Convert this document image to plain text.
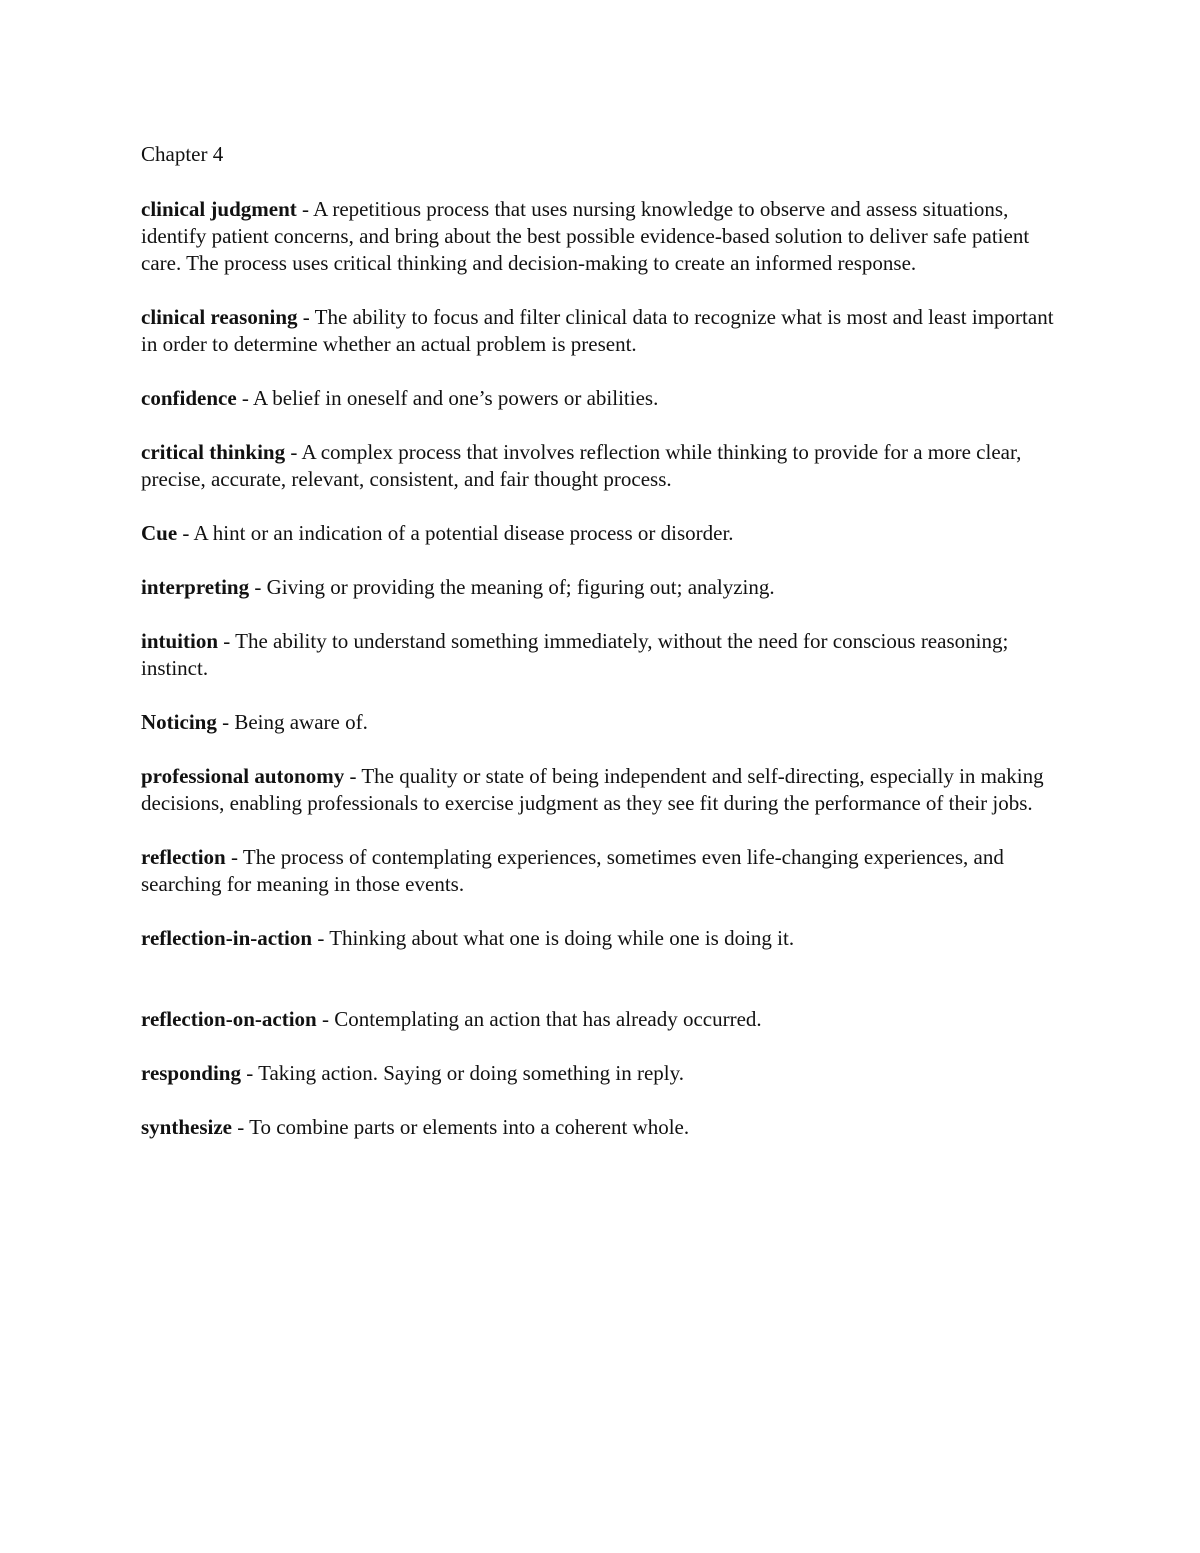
Chapter 4

clinical judgment - A repetitious process that uses nursing knowledge to observe and assess situations, identify patient concerns, and bring about the best possible evidence-based solution to deliver safe patient care. The process uses critical thinking and decision-making to create an informed response.

clinical reasoning - The ability to focus and filter clinical data to recognize what is most and least important in order to determine whether an actual problem is present.

confidence - A belief in oneself and one’s powers or abilities.

critical thinking - A complex process that involves reflection while thinking to provide for a more clear, precise, accurate, relevant, consistent, and fair thought process.

Cue - A hint or an indication of a potential disease process or disorder.

interpreting - Giving or providing the meaning of; figuring out; analyzing.

intuition - The ability to understand something immediately, without the need for conscious reasoning; instinct.

Noticing - Being aware of.

professional autonomy - The quality or state of being independent and self-directing, especially in making decisions, enabling professionals to exercise judgment as they see fit during the performance of their jobs.

reflection - The process of contemplating experiences, sometimes even life-changing experiences, and searching for meaning in those events.

reflection-in-action - Thinking about what one is doing while one is doing it.

reflection-on-action - Contemplating an action that has already occurred.

responding - Taking action. Saying or doing something in reply.

synthesize - To combine parts or elements into a coherent whole.
